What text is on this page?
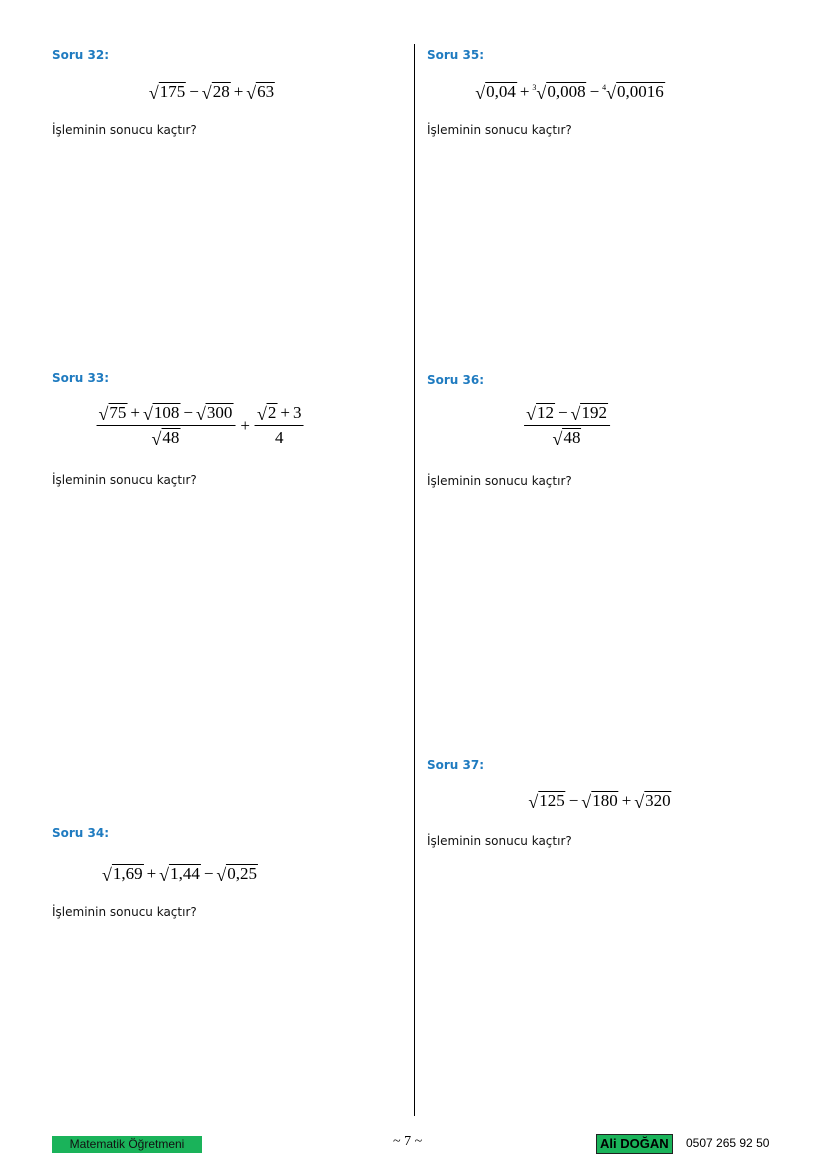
Soru 32:
√ 175 − √ 28 + √ 63
İşleminin sonucu kaçtır?
Soru 33:
$\frac{√ 75 + √ 108 - √ 300}{√ 48} + \frac{√ 2 + 3}{4}$
İşleminin sonucu kaçtır?
Soru 34:
√ 1,69 + √ 1,44 − √ 0,25
İşleminin sonucu kaçtır?
Soru 35:
√ 0,04 + 3 √ 0,008 − 4 √ 0,0016
İşleminin sonucu kaçtır?
Soru 36:
$\frac{√ 12 - √ 192}{√ 48}$
İşleminin sonucu kaçtır?
Soru 37:
√ 125 − √ 180 + √ 320
İşleminin sonucu kaçtır?
Matematik Öğretmeni	~ 7 ~	Ali DOĞAN	0507 265 92 50
